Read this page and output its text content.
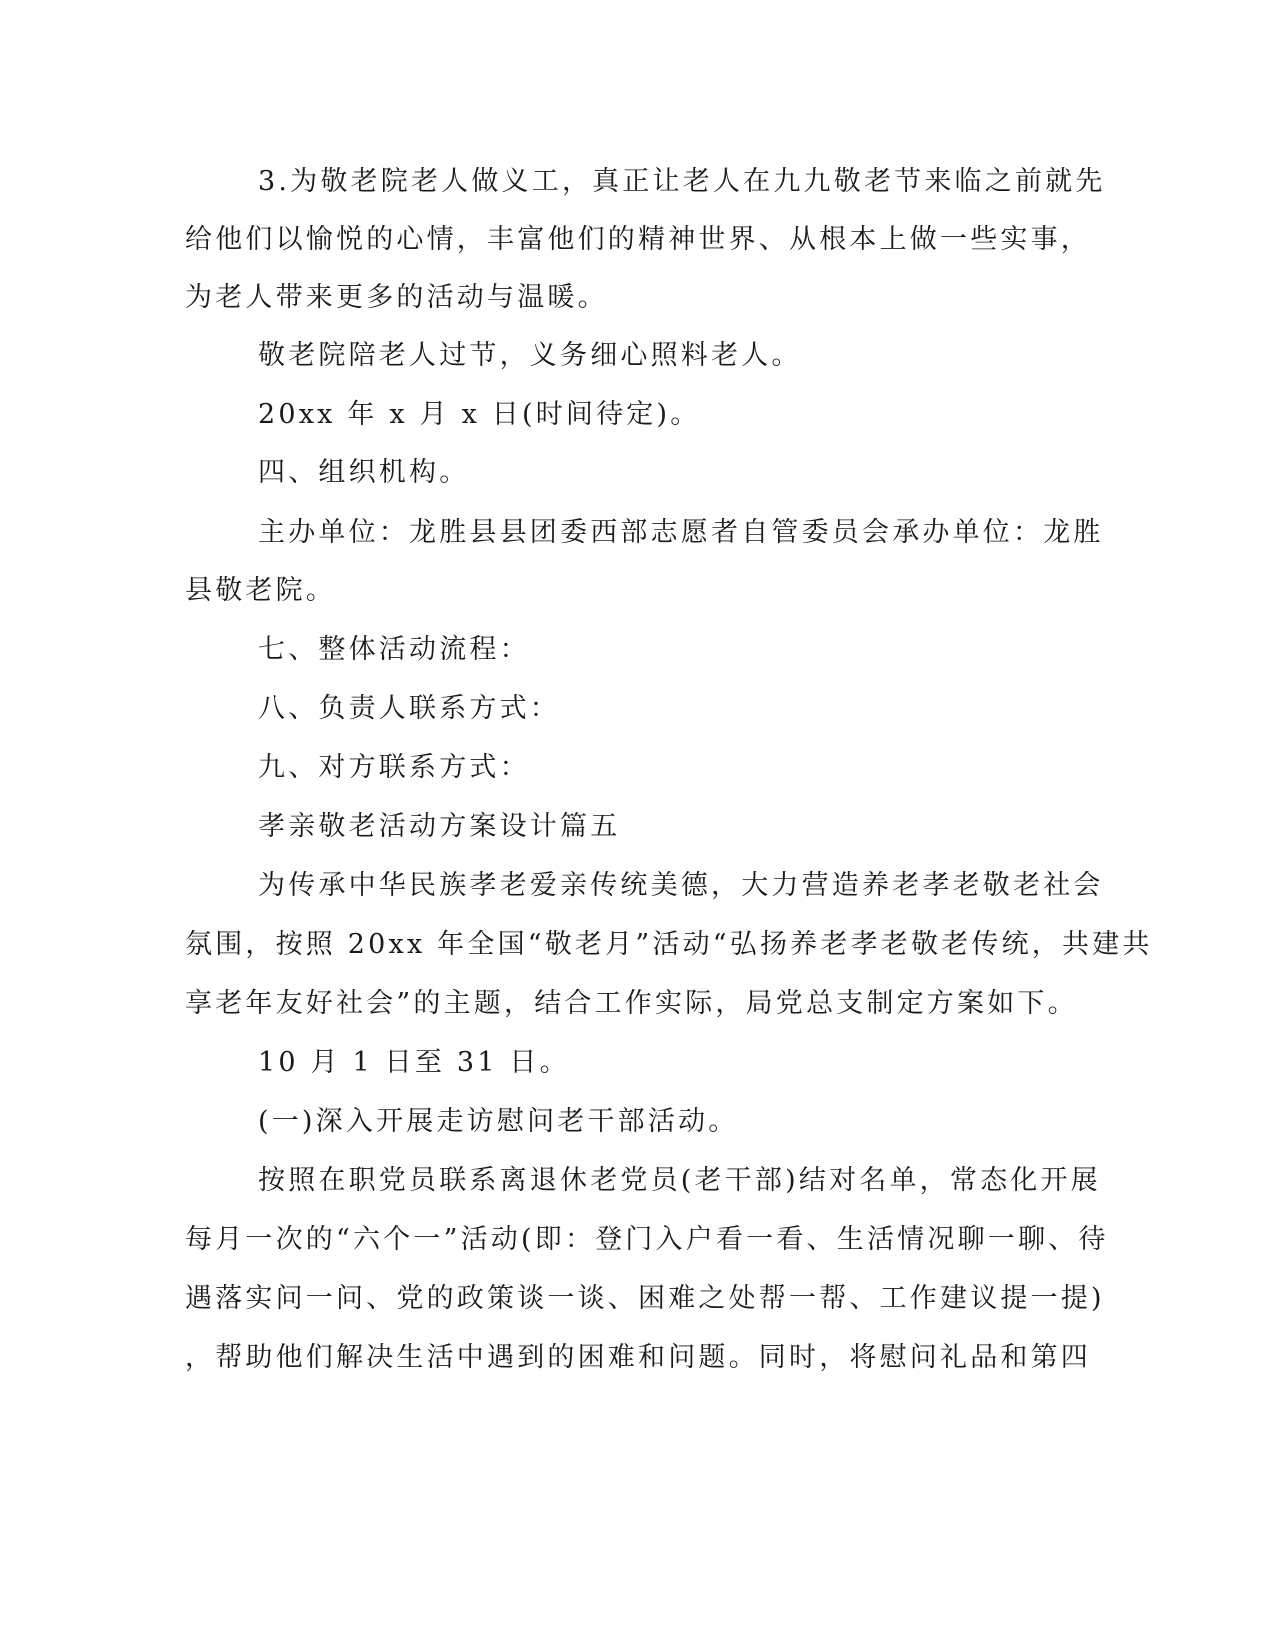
3.为敬老院老人做义工，真正让老人在九九敬老节来临之前就先
给他们以愉悦的心情，丰富他们的精神世界、从根本上做一些实事，
为老人带来更多的活动与温暖。
敬老院陪老人过节，义务细心照料老人。
20xx 年 x 月 x 日(时间待定)。
四、组织机构。
主办单位：龙胜县县团委西部志愿者自管委员会承办单位：龙胜
县敬老院。
七、整体活动流程：
八、负责人联系方式：
九、对方联系方式：
孝亲敬老活动方案设计篇五
为传承中华民族孝老爱亲传统美德，大力营造养老孝老敬老社会
氛围，按照 20xx 年全国“敬老月”活动“弘扬养老孝老敬老传统，共建共
享老年友好社会”的主题，结合工作实际，局党总支制定方案如下。
10 月 1 日至 31 日。
(一)深入开展走访慰问老干部活动。
按照在职党员联系离退休老党员(老干部)结对名单，常态化开展
每月一次的“六个一”活动(即：登门入户看一看、生活情况聊一聊、待
遇落实问一问、党的政策谈一谈、困难之处帮一帮、工作建议提一提)
，帮助他们解决生活中遇到的困难和问题。同时，将慰问礼品和第四
